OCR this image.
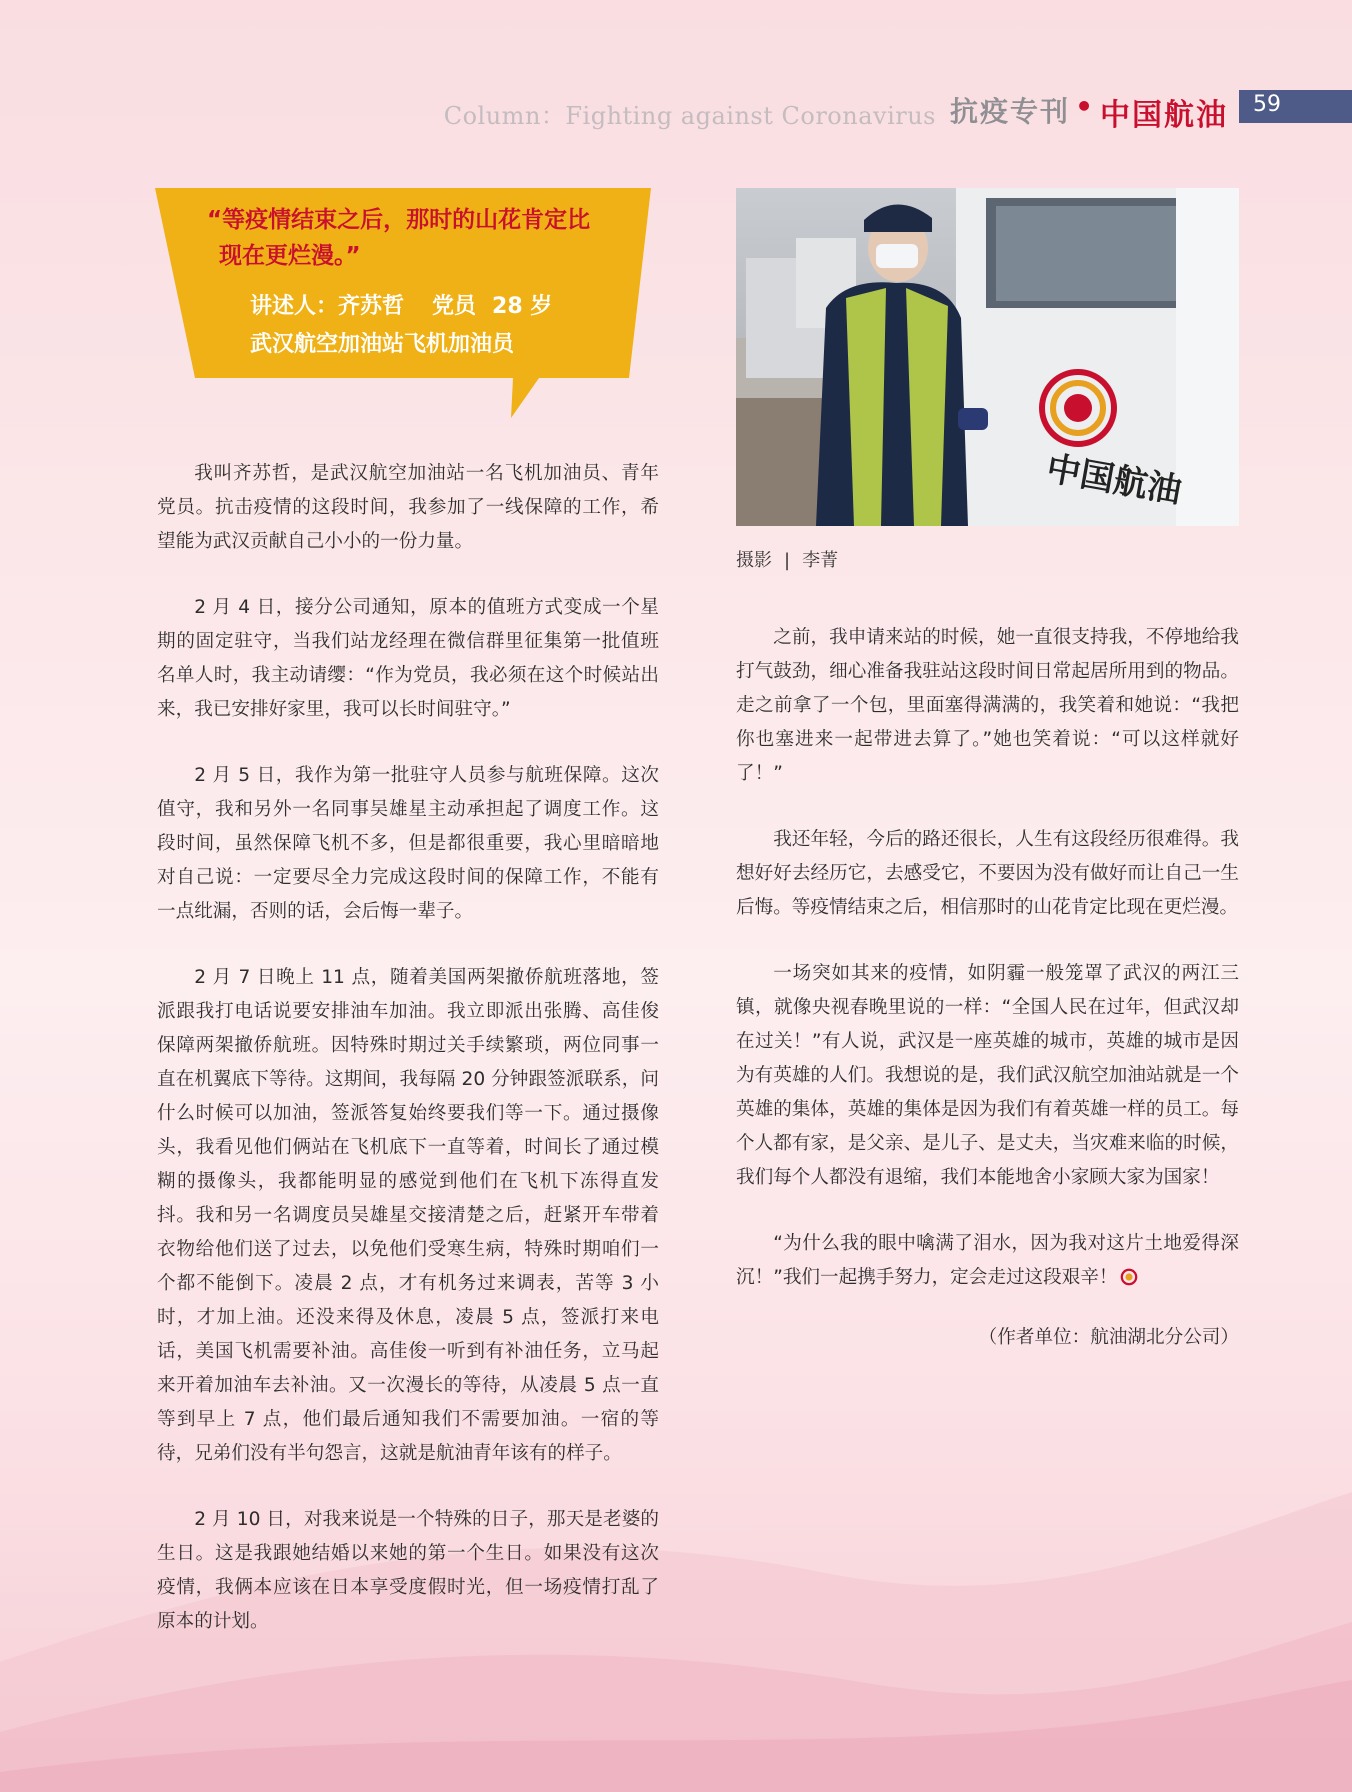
Column：Fighting against Coronavirus 抗疫专刊 • 中国航油 59
“等疫情结束之后，那时的山花肯定比
现在更烂漫。”
讲述人：齐苏哲 党员 28 岁
武汉航空加油站飞机加油员
中国航油
摄影 | 李菁

我叫齐苏哲，是武汉航空加油站一名飞机加油员、青年党员。抗击疫情的这段时间，我参加了一线保障的工作，希望能为武汉贡献自己小小的一份力量。

2 月 4 日，接分公司通知，原本的值班方式变成一个星期的固定驻守，当我们站龙经理在微信群里征集第一批值班名单人时，我主动请缨：“作为党员，我必须在这个时候站出来，我已安排好家里，我可以长时间驻守。”

2 月 5 日，我作为第一批驻守人员参与航班保障。这次值守，我和另外一名同事吴雄星主动承担起了调度工作。这段时间，虽然保障飞机不多，但是都很重要，我心里暗暗地对自己说：一定要尽全力完成这段时间的保障工作，不能有一点纰漏，否则的话，会后悔一辈子。

2 月 7 日晚上 11 点，随着美国两架撤侨航班落地，签派跟我打电话说要安排油车加油。我立即派出张腾、高佳俊保障两架撤侨航班。因特殊时期过关手续繁琐，两位同事一直在机翼底下等待。这期间，我每隔 20 分钟跟签派联系，问什么时候可以加油，签派答复始终要我们等一下。通过摄像头，我看见他们俩站在飞机底下一直等着，时间长了通过模糊的摄像头，我都能明显的感觉到他们在飞机下冻得直发抖。我和另一名调度员吴雄星交接清楚之后，赶紧开车带着衣物给他们送了过去，以免他们受寒生病，特殊时期咱们一个都不能倒下。凌晨 2 点，才有机务过来调表，苦等 3 小时，才加上油。还没来得及休息，凌晨 5 点，签派打来电话，美国飞机需要补油。高佳俊一听到有补油任务，立马起来开着加油车去补油。又一次漫长的等待，从凌晨 5 点一直等到早上 7 点，他们最后通知我们不需要加油。一宿的等待，兄弟们没有半句怨言，这就是航油青年该有的样子。

2 月 10 日，对我来说是一个特殊的日子，那天是老婆的生日。这是我跟她结婚以来她的第一个生日。如果没有这次疫情，我俩本应该在日本享受度假时光，但一场疫情打乱了原本的计划。

之前，我申请来站的时候，她一直很支持我，不停地给我打气鼓劲，细心准备我驻站这段时间日常起居所用到的物品。走之前拿了一个包，里面塞得满满的，我笑着和她说：“我把你也塞进来一起带进去算了。”她也笑着说：“可以这样就好了！”

我还年轻，今后的路还很长，人生有这段经历很难得。我想好好去经历它，去感受它，不要因为没有做好而让自己一生后悔。等疫情结束之后，相信那时的山花肯定比现在更烂漫。

一场突如其来的疫情，如阴霾一般笼罩了武汉的两江三镇，就像央视春晚里说的一样：“全国人民在过年，但武汉却在过关！”有人说，武汉是一座英雄的城市，英雄的城市是因为有英雄的人们。我想说的是，我们武汉航空加油站就是一个英雄的集体，英雄的集体是因为我们有着英雄一样的员工。每个人都有家，是父亲、是儿子、是丈夫，当灾难来临的时候，我们每个人都没有退缩，我们本能地舍小家顾大家为国家！

“为什么我的眼中噙满了泪水，因为我对这片土地爱得深沉！”我们一起携手努力，定会走过这段艰辛！

（作者单位：航油湖北分公司）
